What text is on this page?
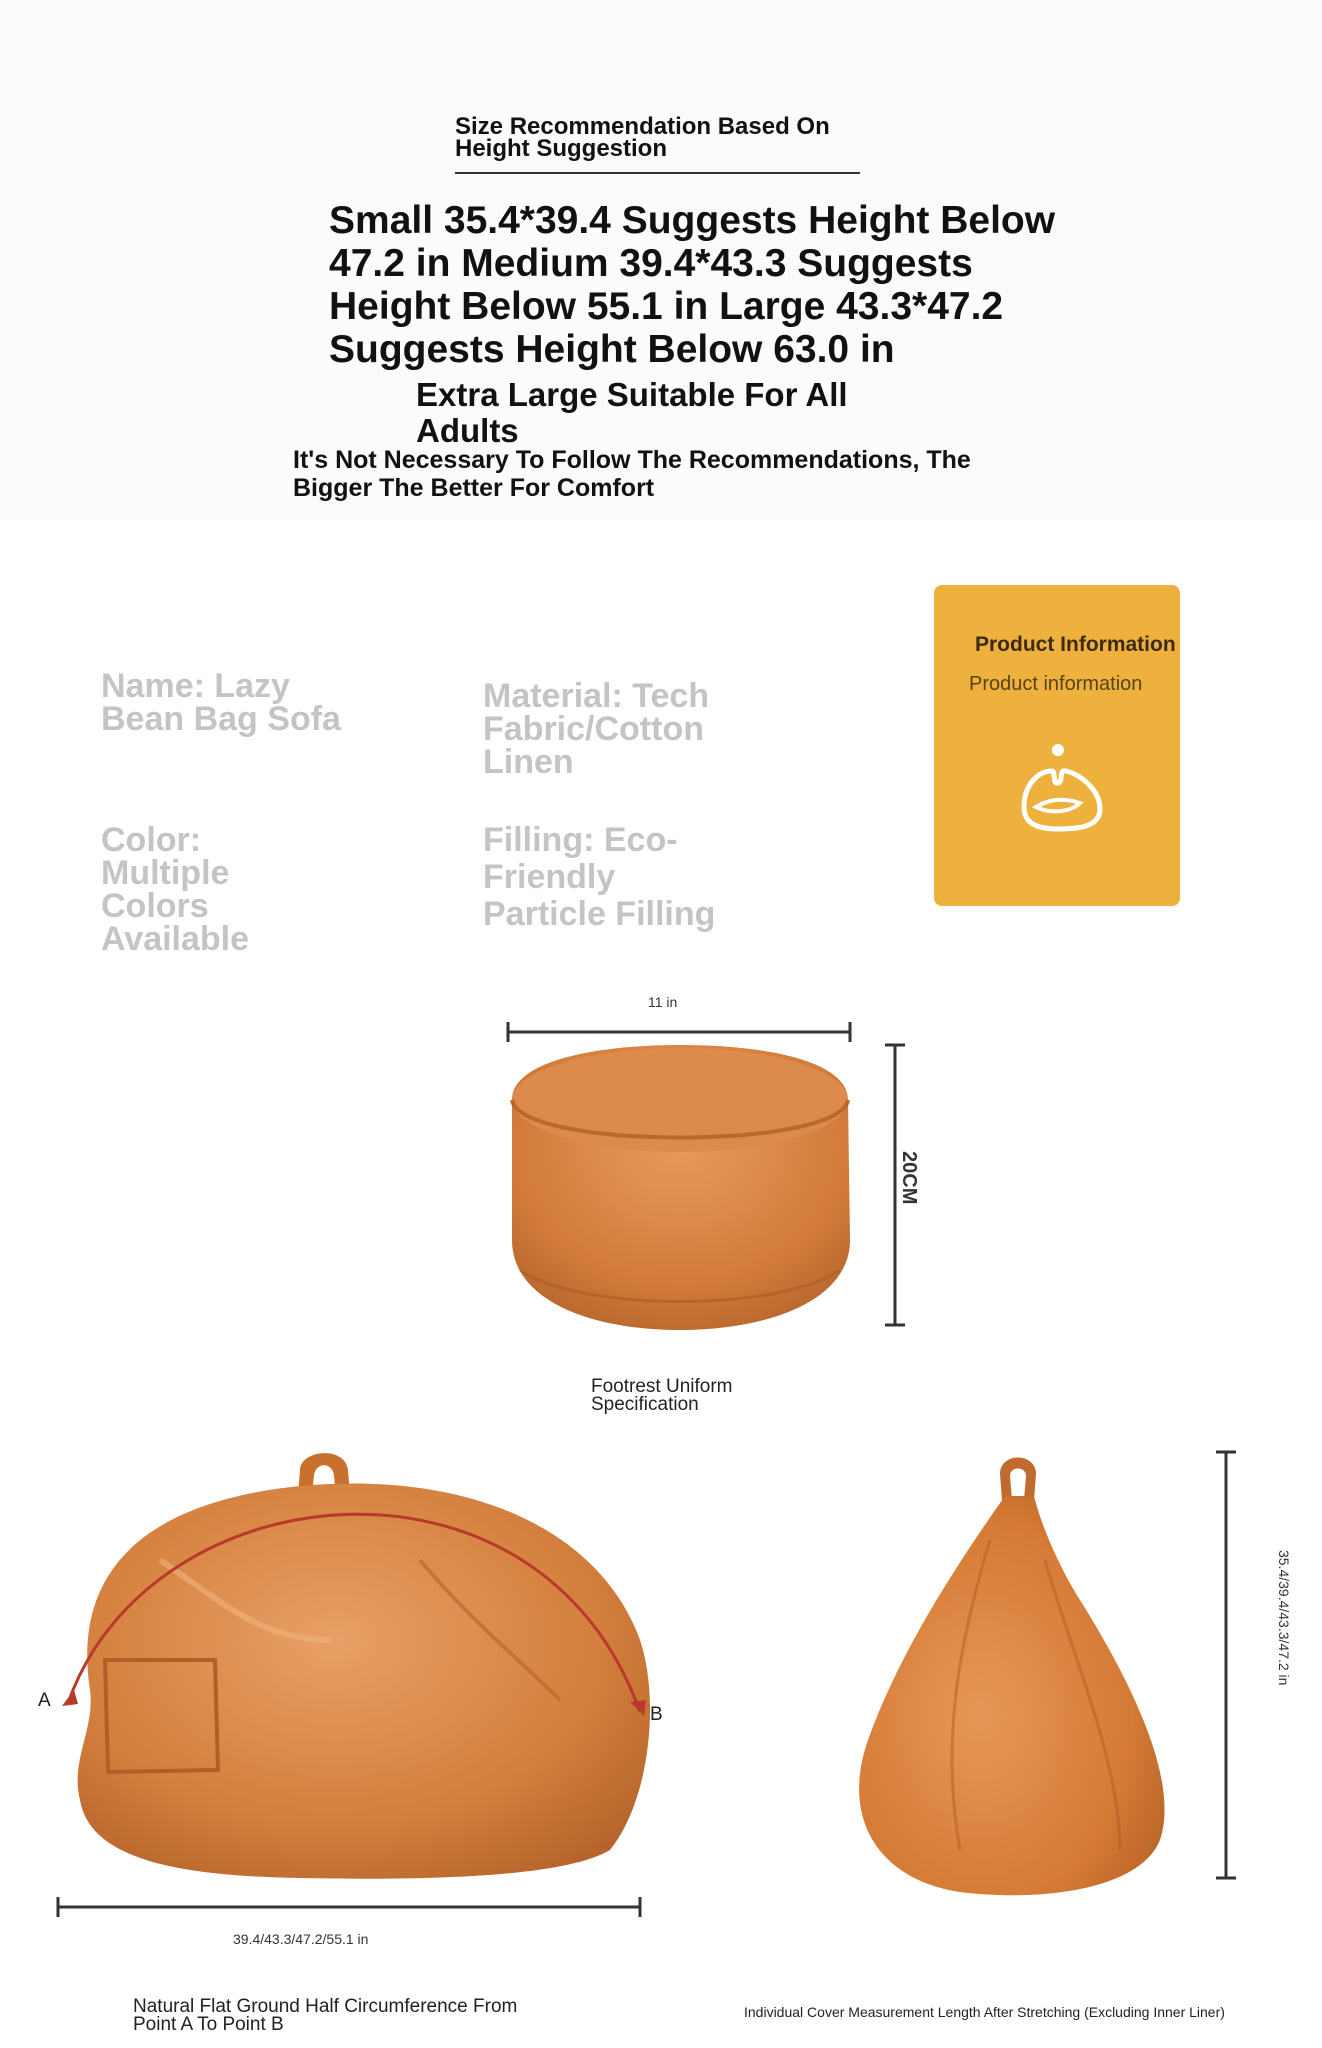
Size Recommendation Based On Height Suggestion
Small 35.4*39.4 Suggests Height Below 47.2 in Medium 39.4*43.3 Suggests Height Below 55.1 in Large 43.3*47.2 Suggests Height Below 63.0 in
Extra Large Suitable For All Adults
It's Not Necessary To Follow The Recommendations, The Bigger The Better For Comfort
Name: Lazy Bean Bag Sofa
Material: Tech Fabric/Cotton Linen
Color: Multiple Colors Available
Filling: Eco-Friendly Particle Filling
Product Information
Product information
11 in
20CM
Footrest Uniform Specification
A
B
39.4/43.3/47.2/55.1 in
Natural Flat Ground Half Circumference From Point A To Point B
35.4/39.4/43.3/47.2 in
Individual Cover Measurement Length After Stretching (Excluding Inner Liner)
